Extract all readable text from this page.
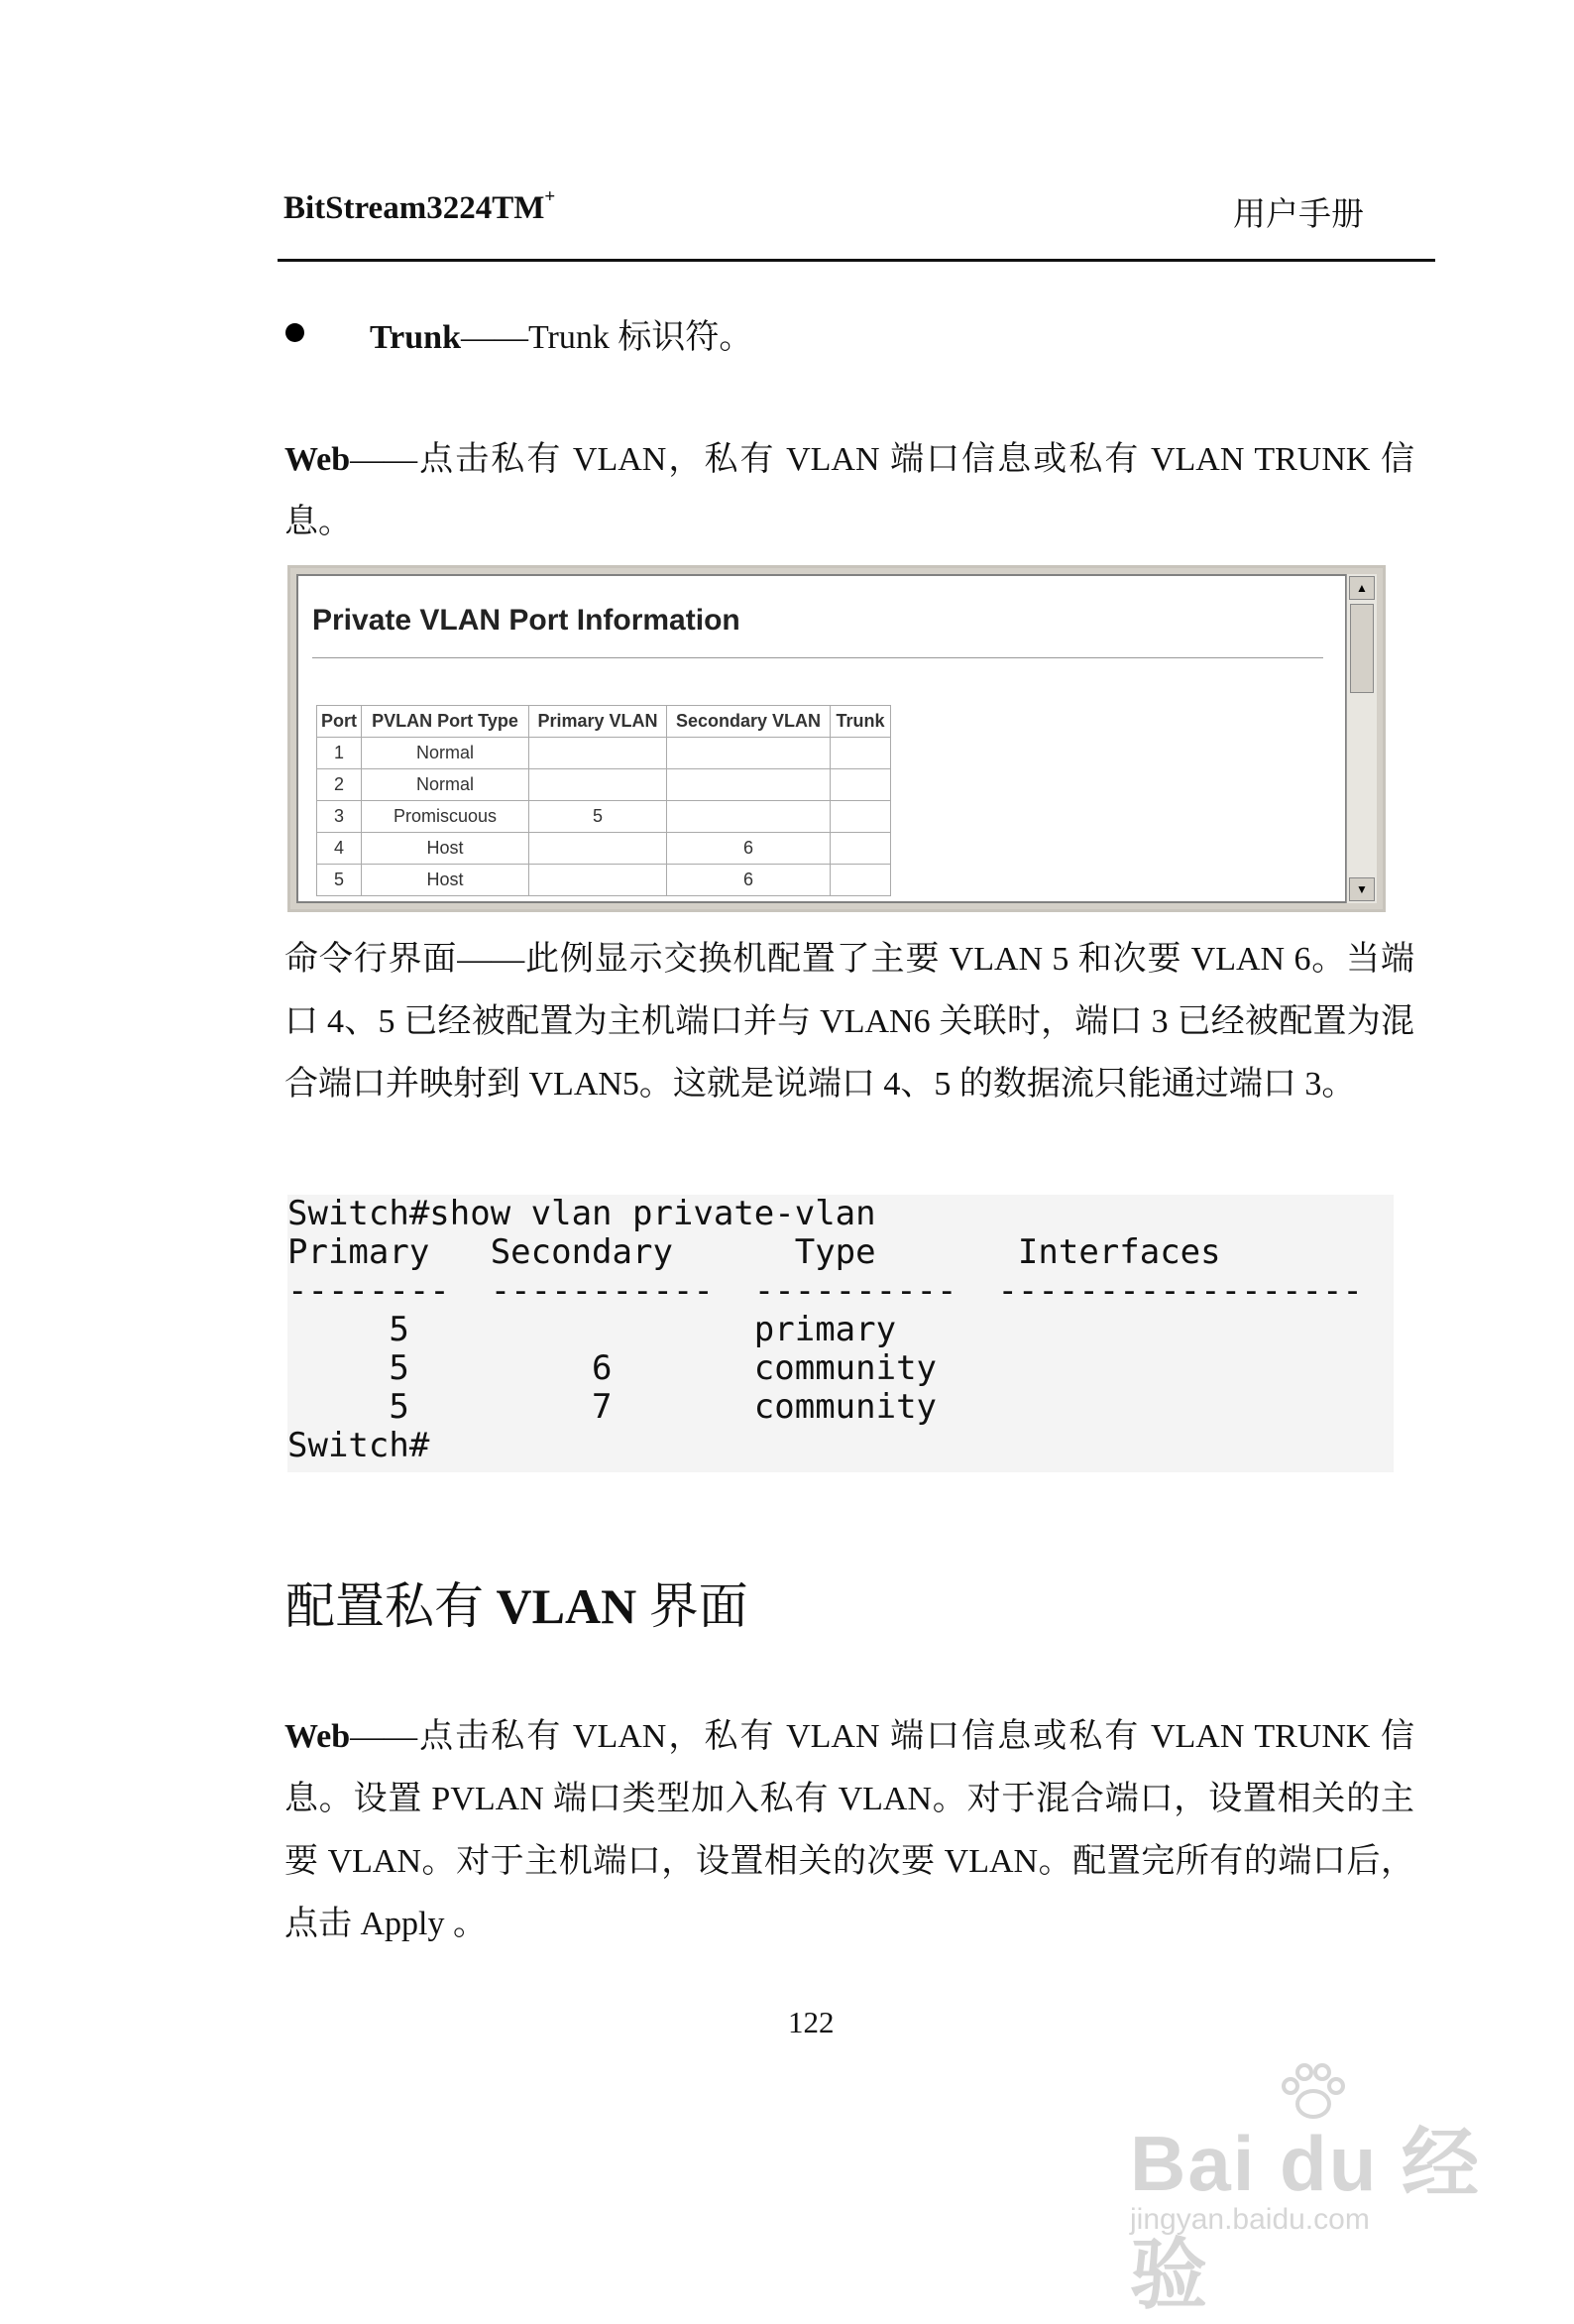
BitStream3224TM+
用户手册
Trunk——Trunk 标识符。
Web——点击私有 VLAN，私有 VLAN 端口信息或私有 VLAN TRUNK 信息。
Private VLAN Port Information
Port	PVLAN Port Type	Primary VLAN	Secondary VLAN	Trunk
1	Normal			
2	Normal			
3	Promiscuous	5		
4	Host		6	
5	Host		6	
▲
▼
命令行界面——此例显示交换机配置了主要 VLAN 5 和次要 VLAN 6。当端口 4、5 已经被配置为主机端口并与 VLAN6 关联时，端口 3 已经被配置为混合端口并映射到 VLAN5。这就是说端口 4、5 的数据流只能通过端口 3。
Switch#show vlan private-vlan
Primary   Secondary      Type       Interfaces
--------  -----------  ----------  ------------------
5                 primary
5         6       community
5         7       community
Switch#
配置私有 VLAN 界面
Web——点击私有 VLAN，私有 VLAN 端口信息或私有 VLAN TRUNK 信息。设置 PVLAN 端口类型加入私有 VLAN。对于混合端口，设置相关的主要 VLAN。对于主机端口，设置相关的次要 VLAN。配置完所有的端口后，点击 Apply 。
122
Bai du 经验
jingyan.baidu.com
